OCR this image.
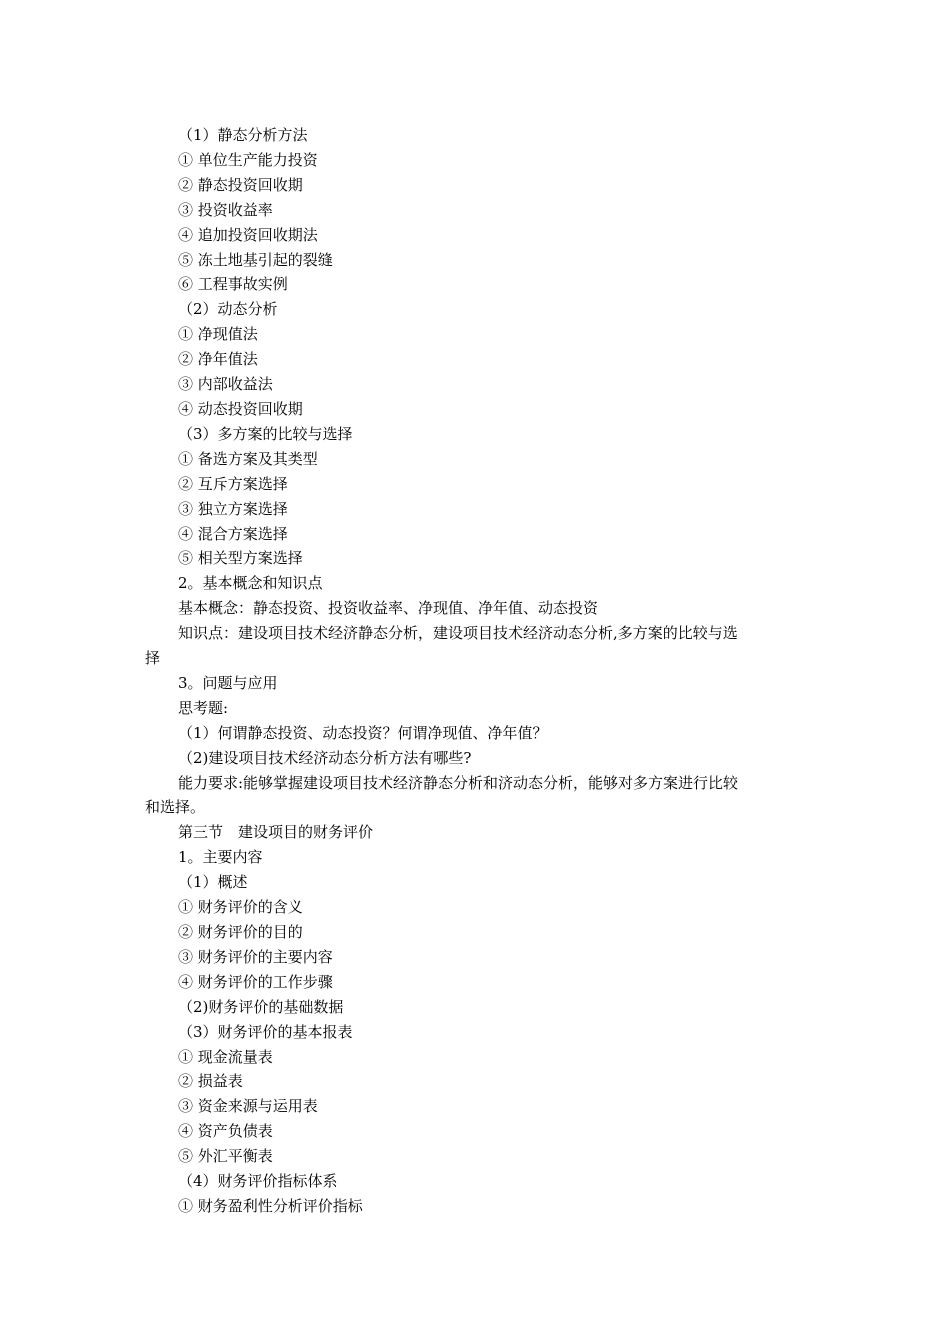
（1）静态分析方法

① 单位生产能力投资

② 静态投资回收期

③ 投资收益率

④ 追加投资回收期法

⑤ 冻土地基引起的裂缝

⑥ 工程事故实例

（2）动态分析

① 净现值法

② 净年值法

③ 内部收益法

④ 动态投资回收期

（3）多方案的比较与选择

① 备选方案及其类型

② 互斥方案选择

③ 独立方案选择

④ 混合方案选择

⑤ 相关型方案选择

2。基本概念和知识点

基本概念：静态投资、投资收益率、净现值、净年值、动态投资

知识点：建设项目技术经济静态分析，建设项目技术经济动态分析,多方案的比较与选
择

3。问题与应用

思考题:

（1）何谓静态投资、动态投资？何谓净现值、净年值？

（2)建设项目技术经济动态分析方法有哪些?

能力要求:能够掌握建设项目技术经济静态分析和济动态分析，能够对多方案进行比较
和选择。

第三节　建设项目的财务评价

1。主要内容

（1）概述

① 财务评价的含义

② 财务评价的目的

③ 财务评价的主要内容

④ 财务评价的工作步骤

（2)财务评价的基础数据

（3）财务评价的基本报表

① 现金流量表

② 损益表

③ 资金来源与运用表

④ 资产负债表

⑤ 外汇平衡表

（4）财务评价指标体系

① 财务盈利性分析评价指标
